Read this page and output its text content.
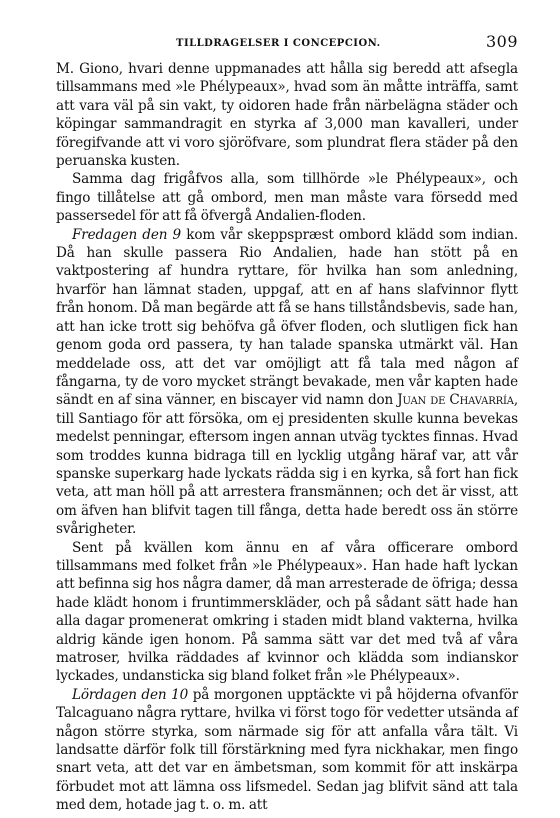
TILLDRAGELSER I CONCEPCION.	309

M. Giono, hvari denne uppmanades att hålla sig beredd att afsegla tillsammans med »le Phélypeaux», hvad som än måtte inträffa, samt att vara väl på sin vakt, ty oidoren hade från närbelägna städer och köpingar sammandragit en styrka af 3,000 man kavalleri, under föregifvande att vi voro sjöröfvare, som plundrat flera städer på den peruanska kusten.

Samma dag frigåfvos alla, som tillhörde »le Phélypeaux», och fingo tillåtelse att gå ombord, men man måste vara försedd med passersedel för att få öfvergå Andalien-floden.

Fredagen den 9 kom vår skeppspræst ombord klädd som indian. Då han skulle passera Rio Andalien, hade han stött på en vaktpostering af hundra ryttare, för hvilka han som anledning, hvarför han lämnat staden, uppgaf, att en af hans slafvinnor flytt från honom. Då man begärde att få se hans tillståndsbevis, sade han, att han icke trott sig behöfva gå öfver floden, och slutligen fick han genom goda ord passera, ty han talade spanska utmärkt väl. Han meddelade oss, att det var omöjligt att få tala med någon af fångarna, ty de voro mycket strängt bevakade, men vår kapten hade sändt en af sina vänner, en biscayer vid namn don Juan de Chavarría, till Santiago för att försöka, om ej presidenten skulle kunna bevekas medelst penningar, eftersom ingen annan utväg tycktes finnas. Hvad som troddes kunna bidraga till en lycklig utgång häraf var, att vår spanske superkarg hade lyckats rädda sig i en kyrka, så fort han fick veta, att man höll på att arrestera fransmännen; och det är visst, att om äfven han blifvit tagen till fånga, detta hade beredt oss än större svårigheter.

Sent på kvällen kom ännu en af våra officerare ombord tillsammans med folket från »le Phélypeaux». Han hade haft lyckan att befinna sig hos några damer, då man arresterade de öfriga; dessa hade klädt honom i fruntimmerskläder, och på sådant sätt hade han alla dagar promenerat omkring i staden midt bland vakterna, hvilka aldrig kände igen honom. På samma sätt var det med två af våra matroser, hvilka räddades af kvinnor och klädda som indianskor lyckades, undansticka sig bland folket från »le Phélypeaux».

Lördagen den 10 på morgonen upptäckte vi på höjderna ofvanför Talcaguano några ryttare, hvilka vi först togo för vedetter utsända af någon större styrka, som närmade sig för att anfalla våra tält. Vi landsatte därför folk till förstärkning med fyra nickhakar, men fingo snart veta, att det var en ämbetsman, som kommit för att inskärpa förbudet mot att lämna oss lifsmedel. Sedan jag blifvit sänd att tala med dem, hotade jag t. o. m. att
